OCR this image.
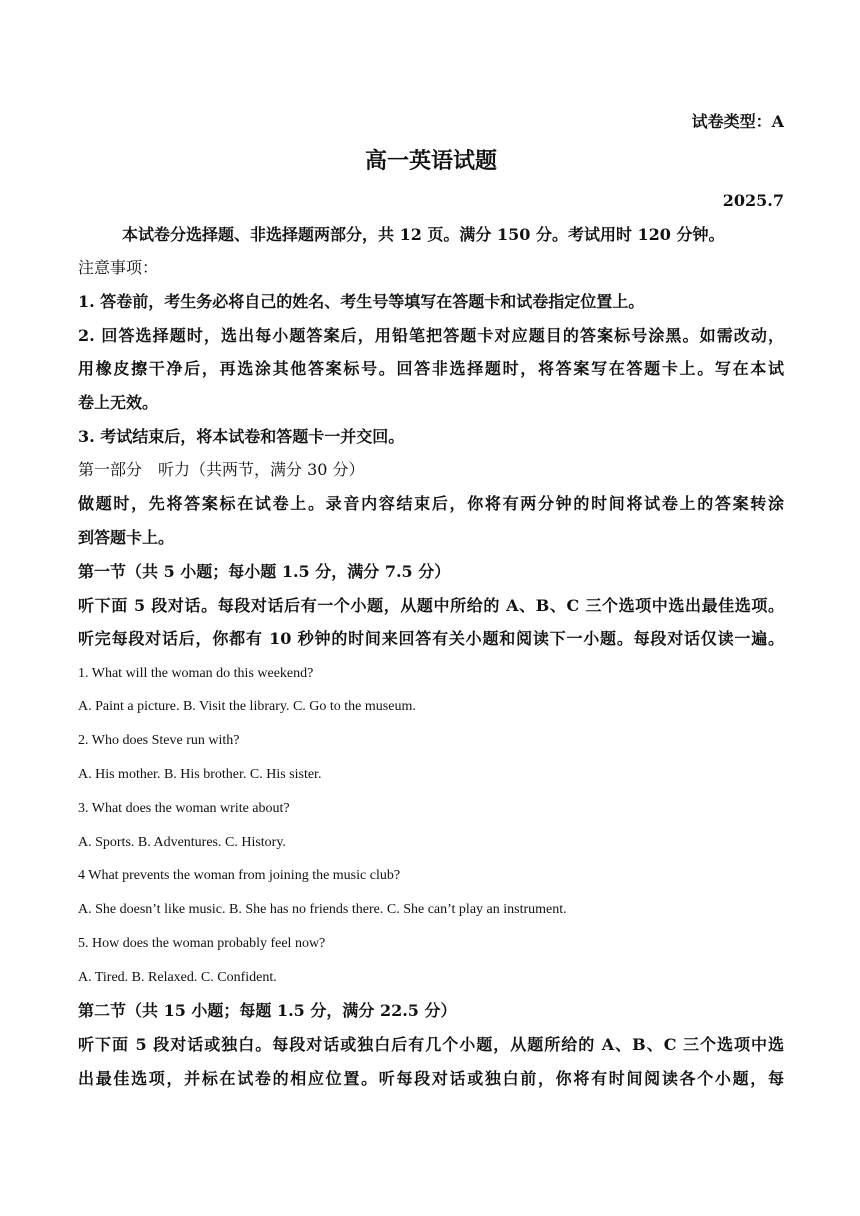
试卷类型：A
高一英语试题
2025.7
本试卷分选择题、非选择题两部分，共 12 页。满分 150 分。考试用时 120 分钟。
注意事项：
1. 答卷前，考生务必将自己的姓名、考生号等填写在答题卡和试卷指定位置上。
2. 回答选择题时，选出每小题答案后，用铅笔把答题卡对应题目的答案标号涂黑。如需改动，
用橡皮擦干净后，再选涂其他答案标号。回答非选择题时，将答案写在答题卡上。写在本试
卷上无效。
3. 考试结束后，将本试卷和答题卡一并交回。
第一部分　听力（共两节，满分 30 分）
做题时，先将答案标在试卷上。录音内容结束后，你将有两分钟的时间将试卷上的答案转涂
到答题卡上。
第一节（共 5 小题；每小题 1.5 分，满分 7.5 分）
听下面 5 段对话。每段对话后有一个小题，从题中所给的 A、B、C 三个选项中选出最佳选项。
听完每段对话后，你都有 10 秒钟的时间来回答有关小题和阅读下一小题。每段对话仅读一遍。
1. What will the woman do this weekend?
A. Paint a picture. B. Visit the library. C. Go to the museum.
2. Who does Steve run with?
A. His mother. B. His brother. C. His sister.
3. What does the woman write about?
A. Sports. B. Adventures. C. History.
4 What prevents the woman from joining the music club?
A. She doesn’t like music. B. She has no friends there. C. She can’t play an instrument.
5. How does the woman probably feel now?
A. Tired. B. Relaxed. C. Confident.
第二节（共 15 小题；每题 1.5 分，满分 22.5 分）
听下面 5 段对话或独白。每段对话或独白后有几个小题，从题所给的 A、B、C 三个选项中选
出最佳选项，并标在试卷的相应位置。听每段对话或独白前，你将有时间阅读各个小题，每
